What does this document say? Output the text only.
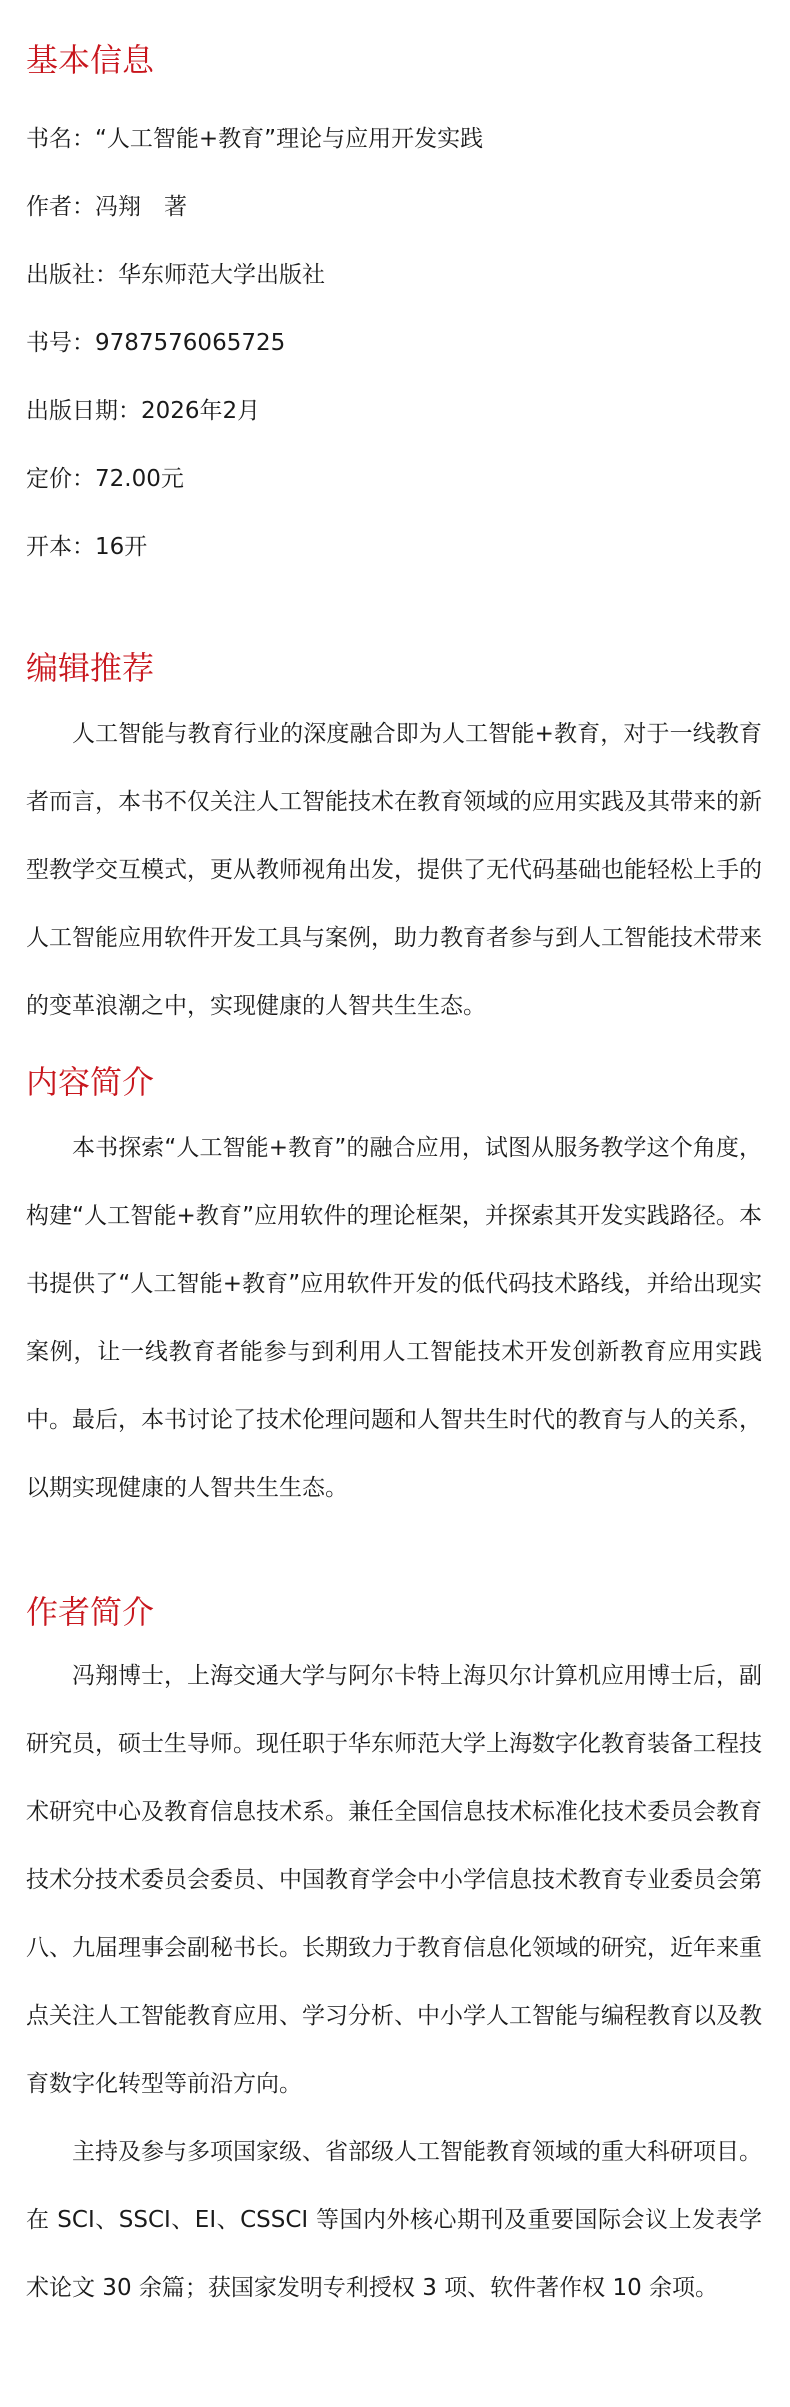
基本信息

书名：“人工智能+教育”理论与应用开发实践

作者：冯翔　著

出版社：华东师范大学出版社

书号：9787576065725

出版日期：2026年2月

定价：72.00元

开本：16开

编辑推荐

人工智能与教育行业的深度融合即为人工智能+教育，对于一线教育者而言，本书不仅关注人工智能技术在教育领域的应用实践及其带来的新型教学交互模式，更从教师视角出发，提供了无代码基础也能轻松上手的人工智能应用软件开发工具与案例，助力教育者参与到人工智能技术带来的变革浪潮之中，实现健康的人智共生生态。

内容简介

本书探索“人工智能+教育”的融合应用，试图从服务教学这个角度，构建“人工智能+教育”应用软件的理论框架，并探索其开发实践路径。本书提供了“人工智能+教育”应用软件开发的低代码技术路线，并给出现实案例，让一线教育者能参与到利用人工智能技术开发创新教育应用实践中。最后，本书讨论了技术伦理问题和人智共生时代的教育与人的关系，以期实现健康的人智共生生态。

作者简介

冯翔博士，上海交通大学与阿尔卡特上海贝尔计算机应用博士后，副研究员，硕士生导师。现任职于华东师范大学上海数字化教育装备工程技术研究中心及教育信息技术系。兼任全国信息技术标准化技术委员会教育技术分技术委员会委员、中国教育学会中小学信息技术教育专业委员会第八、九届理事会副秘书长。长期致力于教育信息化领域的研究，近年来重点关注人工智能教育应用、学习分析、中小学人工智能与编程教育以及教育数字化转型等前沿方向。

主持及参与多项国家级、省部级人工智能教育领域的重大科研项目。在 SCI、SSCI、EI、CSSCI 等国内外核心期刊及重要国际会议上发表学术论文 30 余篇；获国家发明专利授权 3 项、软件著作权 10 余项。
